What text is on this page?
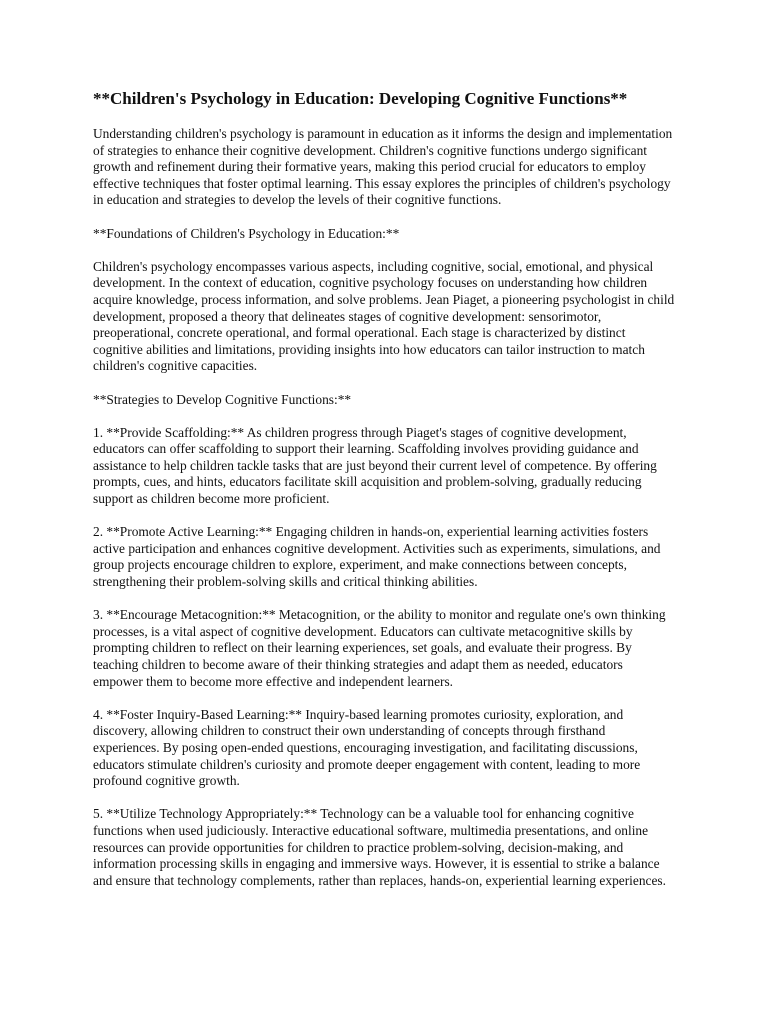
**Children's Psychology in Education: Developing Cognitive Functions**

Understanding children's psychology is paramount in education as it informs the design and implementation of strategies to enhance their cognitive development. Children's cognitive functions undergo significant growth and refinement during their formative years, making this period crucial for educators to employ effective techniques that foster optimal learning. This essay explores the principles of children's psychology in education and strategies to develop the levels of their cognitive functions.

**Foundations of Children's Psychology in Education:**

Children's psychology encompasses various aspects, including cognitive, social, emotional, and physical development. In the context of education, cognitive psychology focuses on understanding how children acquire knowledge, process information, and solve problems. Jean Piaget, a pioneering psychologist in child development, proposed a theory that delineates stages of cognitive development: sensorimotor, preoperational, concrete operational, and formal operational. Each stage is characterized by distinct cognitive abilities and limitations, providing insights into how educators can tailor instruction to match children's cognitive capacities.

**Strategies to Develop Cognitive Functions:**

1. **Provide Scaffolding:** As children progress through Piaget's stages of cognitive development, educators can offer scaffolding to support their learning. Scaffolding involves providing guidance and assistance to help children tackle tasks that are just beyond their current level of competence. By offering prompts, cues, and hints, educators facilitate skill acquisition and problem-solving, gradually reducing support as children become more proficient.

2. **Promote Active Learning:** Engaging children in hands-on, experiential learning activities fosters active participation and enhances cognitive development. Activities such as experiments, simulations, and group projects encourage children to explore, experiment, and make connections between concepts, strengthening their problem-solving skills and critical thinking abilities.

3. **Encourage Metacognition:** Metacognition, or the ability to monitor and regulate one's own thinking processes, is a vital aspect of cognitive development. Educators can cultivate metacognitive skills by prompting children to reflect on their learning experiences, set goals, and evaluate their progress. By teaching children to become aware of their thinking strategies and adapt them as needed, educators empower them to become more effective and independent learners.

4. **Foster Inquiry-Based Learning:** Inquiry-based learning promotes curiosity, exploration, and discovery, allowing children to construct their own understanding of concepts through firsthand experiences. By posing open-ended questions, encouraging investigation, and facilitating discussions, educators stimulate children's curiosity and promote deeper engagement with content, leading to more profound cognitive growth.

5. **Utilize Technology Appropriately:** Technology can be a valuable tool for enhancing cognitive functions when used judiciously. Interactive educational software, multimedia presentations, and online resources can provide opportunities for children to practice problem-solving, decision-making, and information processing skills in engaging and immersive ways. However, it is essential to strike a balance and ensure that technology complements, rather than replaces, hands-on, experiential learning experiences.
